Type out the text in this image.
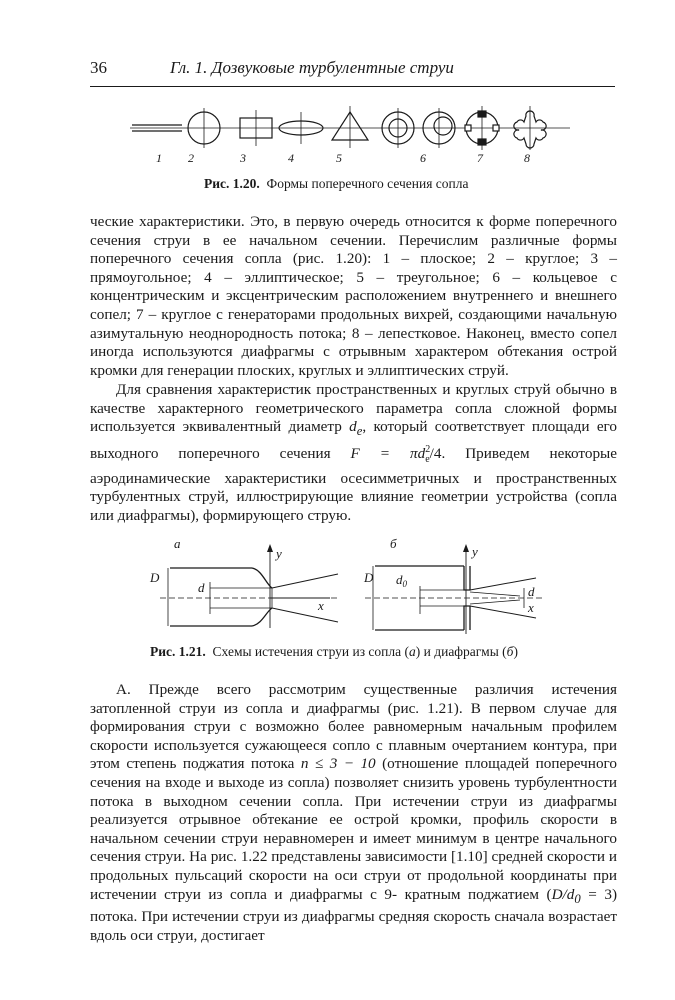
36	Гл. 1. Дозвуковые турбулентные струи
1 2	3	4	5	6	7	8
Рис. 1.20. Формы поперечного сечения сопла

ческие характеристики. Это, в первую очередь относится к форме поперечного сечения струи в ее начальном сечении. Перечислим различные формы поперечного сечения сопла (рис. 1.20): 1 – плоское; 2 – круглое; 3 – прямоугольное; 4 – эллиптическое; 5 – треугольное; 6 – кольцевое с концентрическим и эксцентрическим расположением внутреннего и внешнего сопел; 7 – круглое с генераторами продольных вихрей, создающими начальную азимутальную неоднородность потока; 8 – лепестковое. Наконец, вместо сопел иногда используются диафрагмы с отрывным характером обтекания острой кромки для генерации плоских, круглых и эллиптических струй.

Для сравнения характеристик пространственных и круглых струй обычно в качестве характерного геометрического параметра сопла сложной формы используется эквивалентный диаметр $d_e$, который соответствует площади его выходного поперечного сечения $F = \pi d^2_e/4$. Приведем некоторые аэродинамические характеристики осесимметричных и пространственных турбулентных струй, иллюстрирующие влияние геометрии устройства (сопла или диафрагмы), формирующего струю.

а	б
D
d
y
x
D $d_0$	d
y
x
Рис. 1.21. Схемы истечения струи из сопла (а) и диафрагмы (б)

А. Прежде всего рассмотрим существенные различия истечения затопленной струи из сопла и диафрагмы (рис. 1.21). В первом случае для формирования струи с возможно более равномерным начальным профилем скорости используется сужающееся сопло с плавным очертанием контура, при этом степень поджатия потока n ≤ 3 − 10 (отношение площадей поперечного сечения на входе и выходе из сопла) позволяет снизить уровень турбулентности потока в выходном сечении сопла. При истечении струи из диафрагмы реализуется отрывное обтекание ее острой кромки, профиль скорости в начальном сечении струи неравномерен и имеет минимум в центре начального сечения струи. На рис. 1.22 представлены зависимости [1.10] средней скорости и продольных пульсаций скорости на оси струи от продольной координаты при истечении струи из сопла и диафрагмы с 9- кратным поджатием $(D/d_0 = 3)$ потока. При истечении струи из диафрагмы средняя скорость сначала возрастает вдоль оси струи, достигает
